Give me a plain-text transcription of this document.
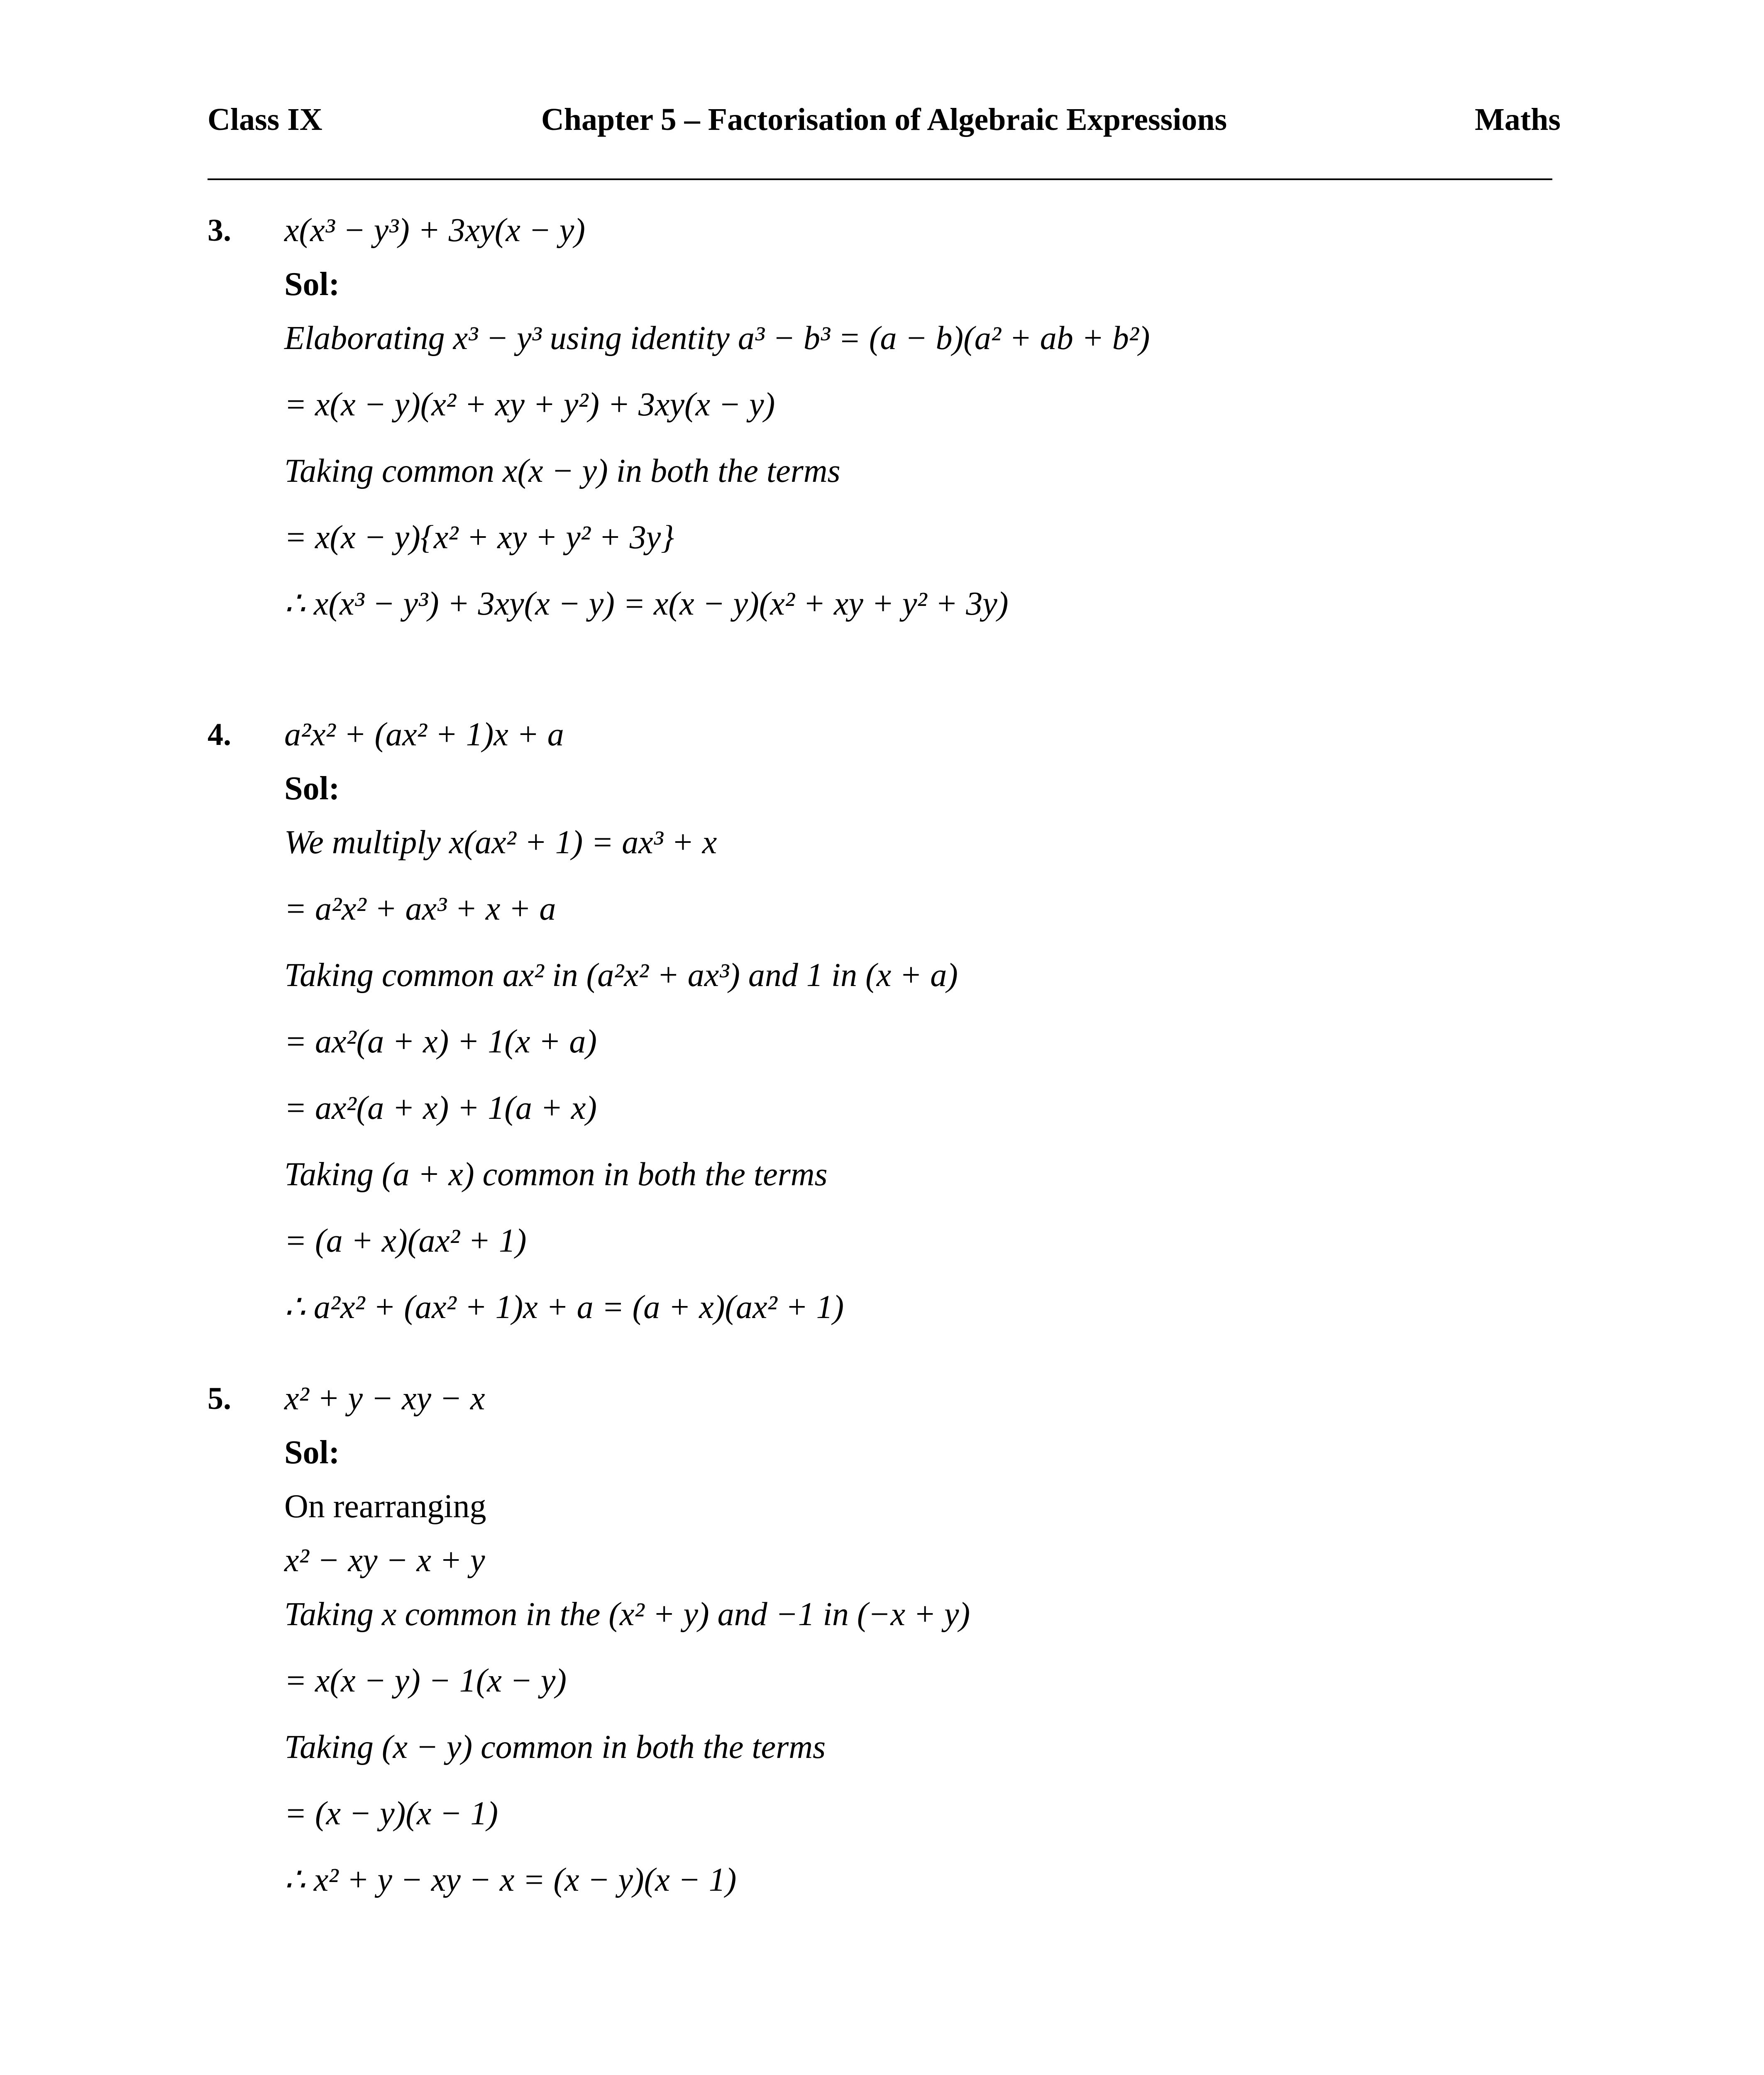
Class IX	Chapter 5 – Factorisation of Algebraic Expressions	Maths
3. x(x³ − y³) + 3xy(x − y)
Sol:
Elaborating x³ − y³ using identity a³ − b³ = (a − b)(a² + ab + b²)
= x(x − y)(x² + xy + y²) + 3xy(x − y)
Taking common x(x − y) in both the terms
= x(x − y){x² + xy + y² + 3y}
∴ x(x³ − y³) + 3xy(x − y) = x(x − y)(x² + xy + y² + 3y)
4. a²x² + (ax² + 1)x + a
Sol:
We multiply x(ax² + 1) = ax³ + x
= a²x² + ax³ + x + a
Taking common ax² in (a²x² + ax³) and 1 in (x + a)
= ax²(a + x) + 1(x + a)
= ax²(a + x) + 1(a + x)
Taking (a + x) common in both the terms
= (a + x)(ax² + 1)
∴ a²x² + (ax² + 1)x + a = (a + x)(ax² + 1)
5. x² + y − xy − x
Sol:
On rearranging
x² − xy − x + y
Taking x common in the (x² + y) and −1 in (−x + y)
= x(x − y) − 1(x − y)
Taking (x − y) common in both the terms
= (x − y)(x − 1)
∴ x² + y − xy − x = (x − y)(x − 1)
